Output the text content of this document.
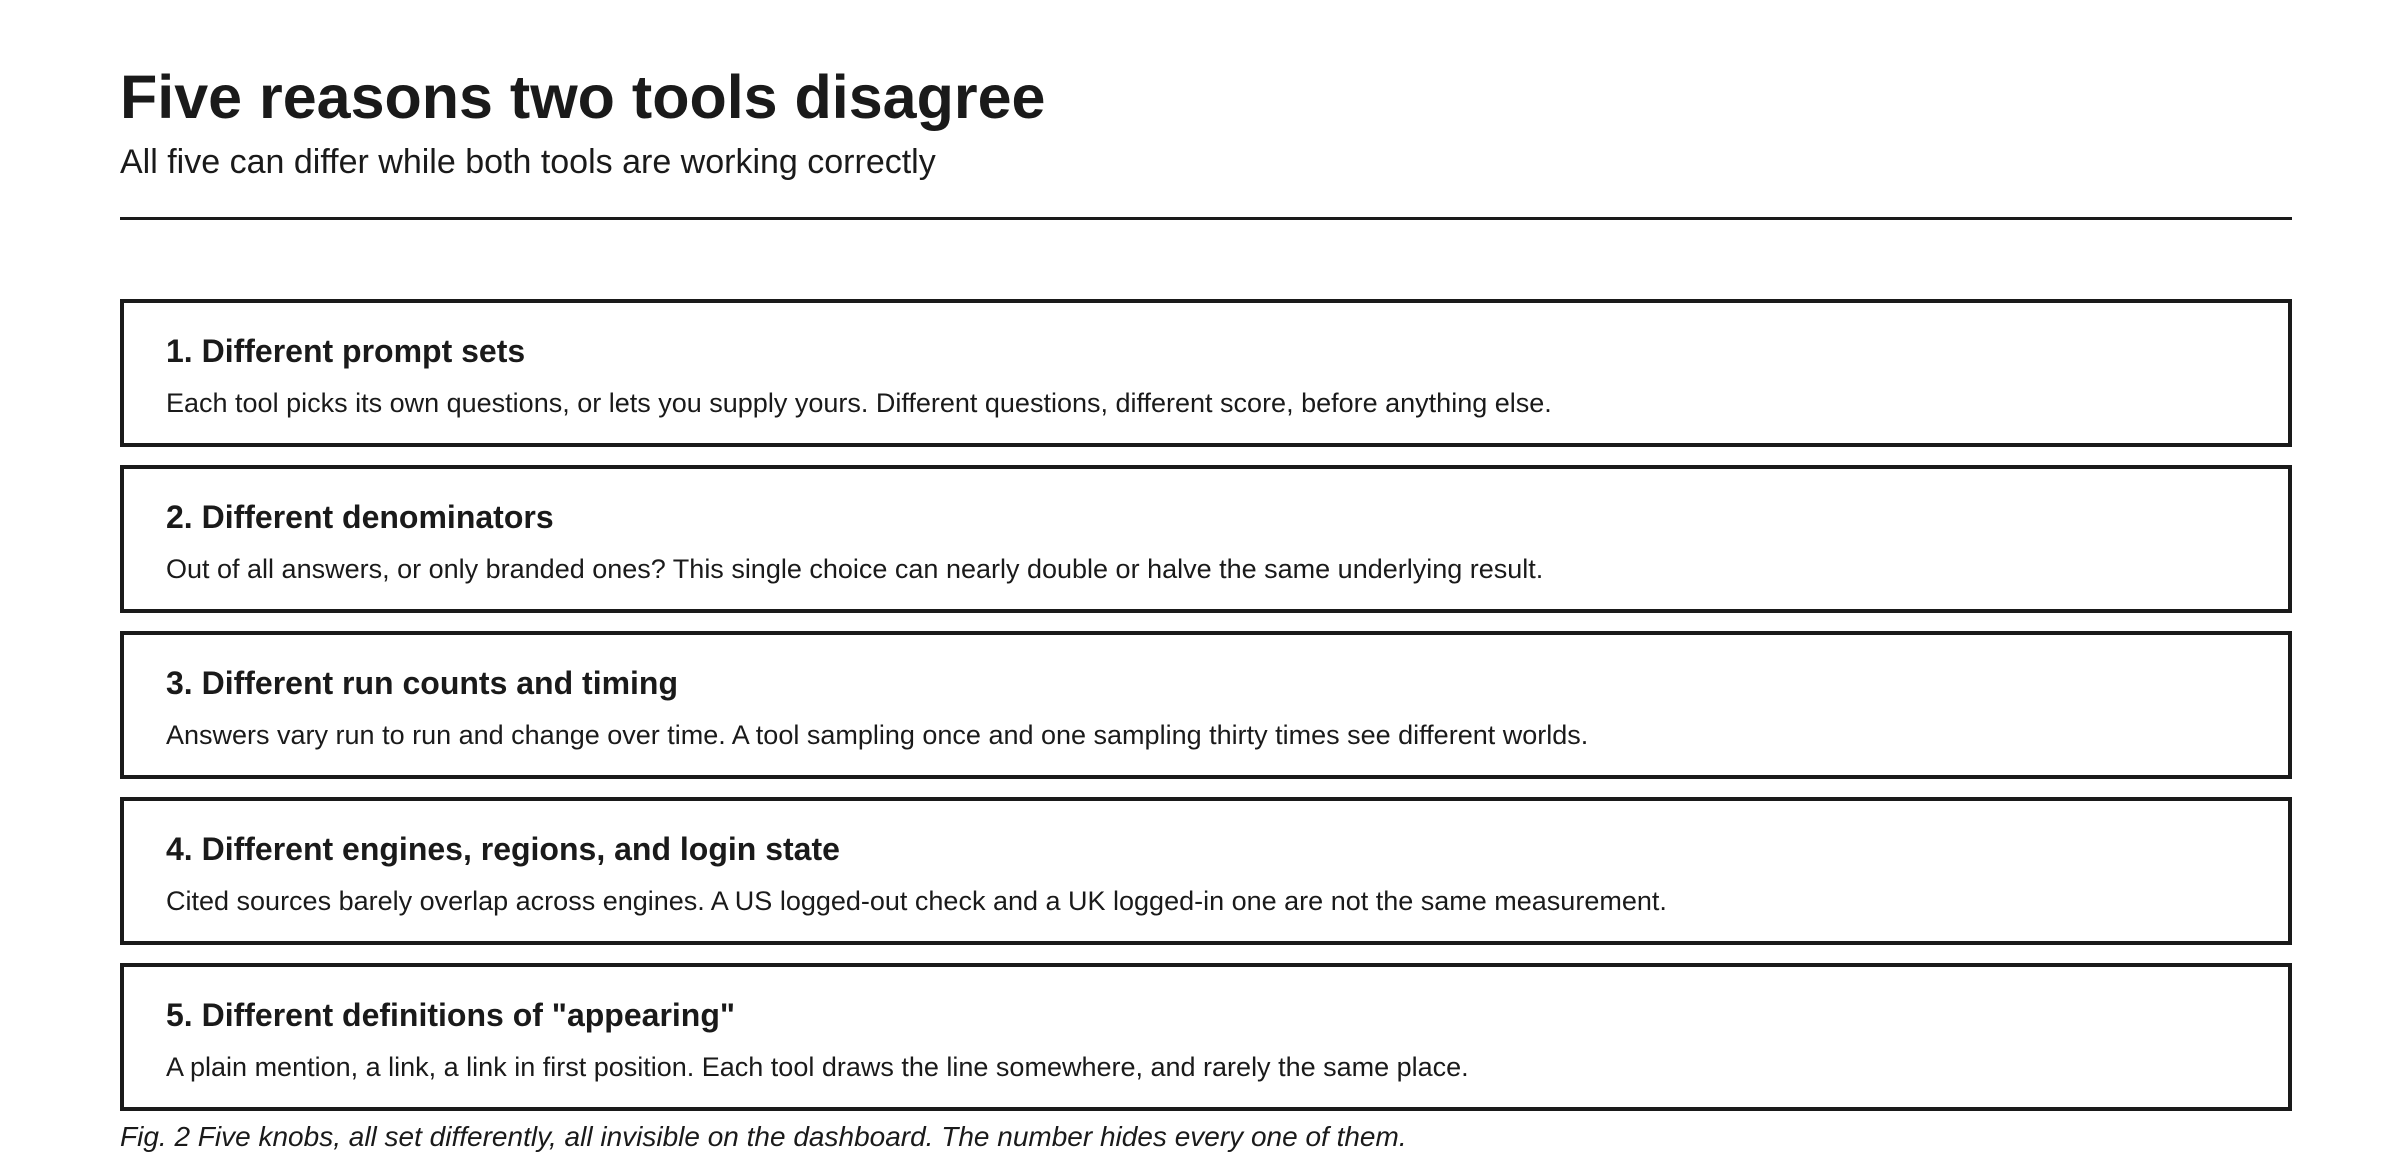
Five reasons two tools disagree

All five can differ while both tools are working correctly

1. Different prompt sets

Each tool picks its own questions, or lets you supply yours. Different questions, different score, before anything else.

2. Different denominators

Out of all answers, or only branded ones? This single choice can nearly double or halve the same underlying result.

3. Different run counts and timing

Answers vary run to run and change over time. A tool sampling once and one sampling thirty times see different worlds.

4. Different engines, regions, and login state

Cited sources barely overlap across engines. A US logged-out check and a UK logged-in one are not the same measurement.

5. Different definitions of "appearing"

A plain mention, a link, a link in first position. Each tool draws the line somewhere, and rarely the same place.

Fig. 2 Five knobs, all set differently, all invisible on the dashboard. The number hides every one of them.
